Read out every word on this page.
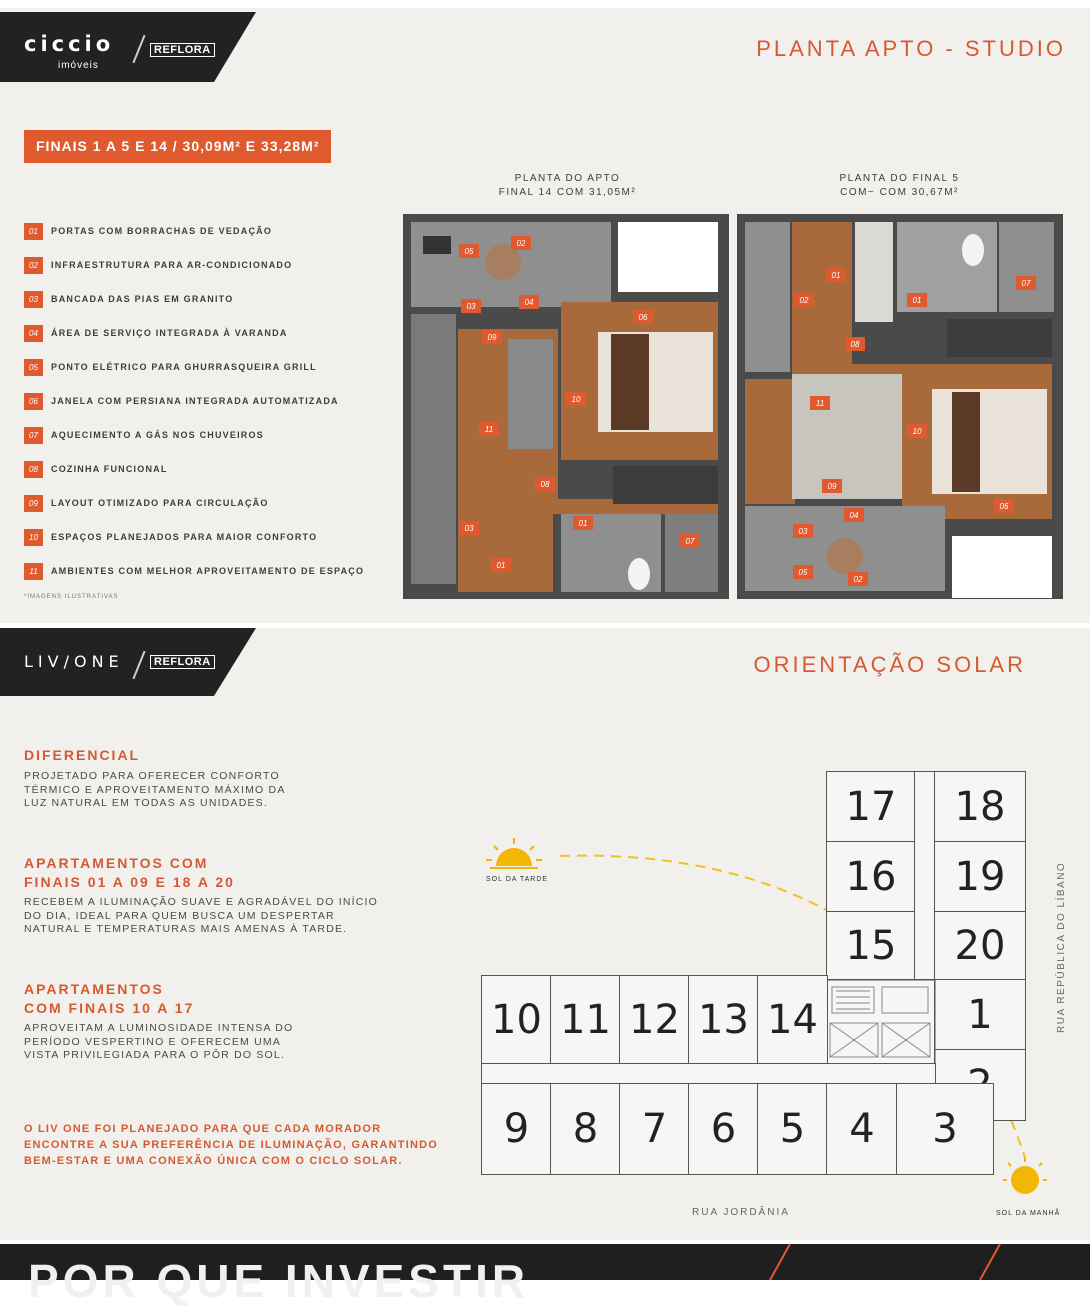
ciccio
imóveis
REFLORA	PLANTA APTO - STUDIO
FINAIS 1 A 5 E 14 / 30,09M² E 33,28M²
01	PORTAS COM BORRACHAS DE VEDAÇÃO
02	INFRAESTRUTURA PARA AR-CONDICIONADO
03	BANCADA DAS PIAS EM GRANITO
04	ÁREA DE SERVIÇO INTEGRADA À VARANDA
05	PONTO ELÉTRICO PARA GHURRASQUEIRA GRILL
06	JANELA COM PERSIANA INTEGRADA AUTOMATIZADA
07	AQUECIMENTO A GÁS NOS CHUVEIROS
08	COZINHA FUNCIONAL
09	LAYOUT OTIMIZADO PARA CIRCULAÇÃO
10	ESPAÇOS PLANEJADOS PARA MAIOR CONFORTO
11	AMBIENTES COM MELHOR APROVEITAMENTO DE ESPAÇO
*IMAGENS ILUSTRATIVAS
PLANTA DO APTO
FINAL 14 COM 31,05M²
PLANTA DO FINAL 5
COM~ COM 30,67M²
05
02
03	04
06
09
11
10
08
03
01
01
07
01
02	01
07
08
11
10
09
03
04
05
02
06
LIV/ONE	REFLORA	ORIENTAÇÃO SOLAR
DIFERENCIAL
PROJETADO PARA OFERECER CONFORTO
TÉRMICO E APROVEITAMENTO MÁXIMO DA
LUZ NATURAL EM TODAS AS UNIDADES.
APARTAMENTOS COM
FINAIS 01 A 09 E 18 A 20
RECEBEM A ILUMINAÇÃO SUAVE E AGRADÁVEL DO INÍCIO
DO DIA, IDEAL PARA QUEM BUSCA UM DESPERTAR
NATURAL E TEMPERATURAS MAIS AMENAS À TARDE.
APARTAMENTOS
COM FINAIS 10 A 17
APROVEITAM A LUMINOSIDADE INTENSA DO
PERÍODO VESPERTINO E OFERECEM UMA
VISTA PRIVILEGIADA PARA O PÔR DO SOL.
O LIV ONE FOI PLANEJADO PARA QUE CADA MORADOR
ENCONTRE A SUA PREFERÊNCIA DE ILUMINAÇÃO, GARANTINDO
BEM-ESTAR E UMA CONEXÃO ÚNICA COM O CICLO SOLAR.
SOL DA TARDE
17
16
15
18
19
20
1
10 11 12 13 14
9	8	7	6	5	4	3
RUA JORDÂNIA
RUA REPÚBLICA DO LÍBANO
SOL DA MANHÃ
POR QUE INVESTIR
